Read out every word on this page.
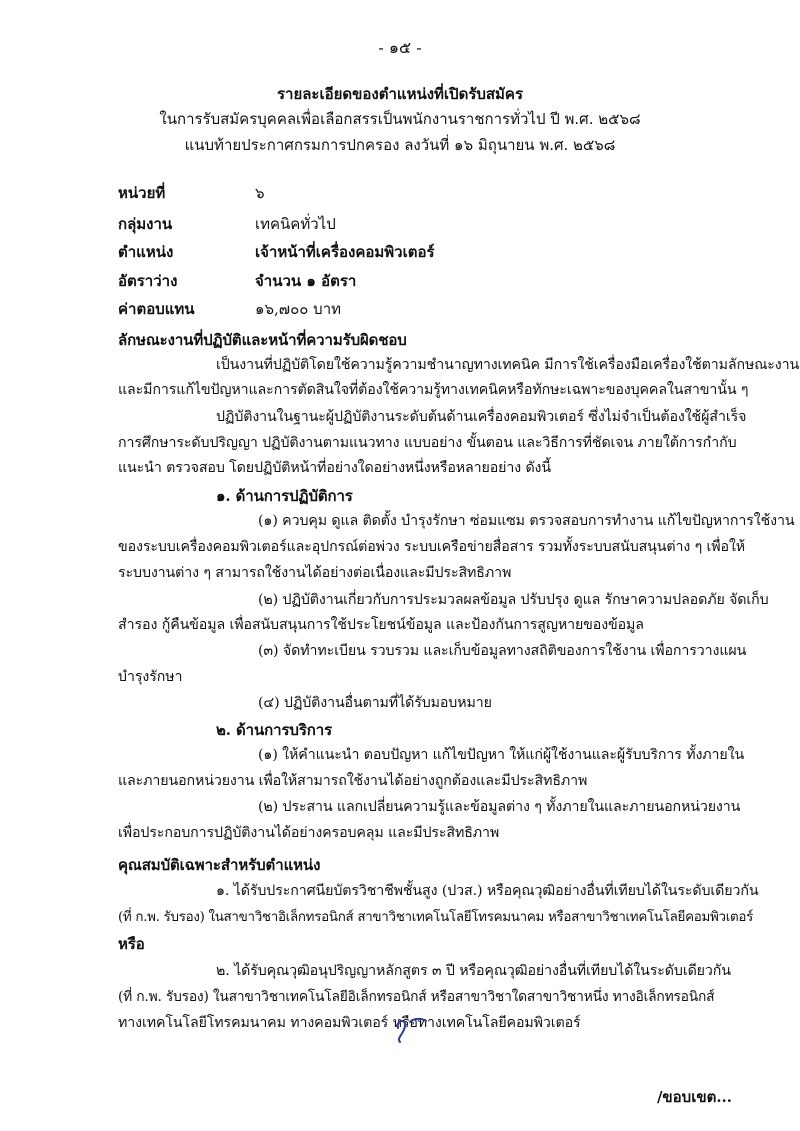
- ๑๕ -
รายละเอียดของตำแหน่งที่เปิดรับสมัคร
ในการรับสมัครบุคคลเพื่อเลือกสรรเป็นพนักงานราชการทั่วไป ปี พ.ศ. ๒๕๖๘
แนบท้ายประกาศกรมการปกครอง ลงวันที่ ๑๖ มิถุนายน พ.ศ. ๒๕๖๘
หน่วยที่	๖
กลุ่มงาน	เทคนิคทั่วไป
ตำแหน่ง	เจ้าหน้าที่เครื่องคอมพิวเตอร์
อัตราว่าง	จำนวน ๑ อัตรา
ค่าตอบแทน	๑๖,๗๐๐ บาท
ลักษณะงานที่ปฏิบัติและหน้าที่ความรับผิดชอบ
เป็นงานที่ปฏิบัติโดยใช้ความรู้ความชำนาญทางเทคนิค มีการใช้เครื่องมือเครื่องใช้ตามลักษณะงาน
และมีการแก้ไขปัญหาและการตัดสินใจที่ต้องใช้ความรู้ทางเทคนิคหรือทักษะเฉพาะของบุคคลในสาขานั้น ๆ
ปฏิบัติงานในฐานะผู้ปฏิบัติงานระดับต้นด้านเครื่องคอมพิวเตอร์ ซึ่งไม่จำเป็นต้องใช้ผู้สำเร็จ
การศึกษาระดับปริญญา ปฏิบัติงานตามแนวทาง แบบอย่าง ขั้นตอน และวิธีการที่ชัดเจน ภายใต้การกำกับ
แนะนำ ตรวจสอบ โดยปฏิบัติหน้าที่อย่างใดอย่างหนึ่งหรือหลายอย่าง ดังนี้
๑. ด้านการปฏิบัติการ
(๑) ควบคุม ดูแล ติดตั้ง บำรุงรักษา ซ่อมแซม ตรวจสอบการทำงาน แก้ไขปัญหาการใช้งาน
ของระบบเครื่องคอมพิวเตอร์และอุปกรณ์ต่อพ่วง ระบบเครือข่ายสื่อสาร รวมทั้งระบบสนับสนุนต่าง ๆ เพื่อให้
ระบบงานต่าง ๆ สามารถใช้งานได้อย่างต่อเนื่องและมีประสิทธิภาพ
(๒) ปฏิบัติงานเกี่ยวกับการประมวลผลข้อมูล ปรับปรุง ดูแล รักษาความปลอดภัย จัดเก็บ
สำรอง กู้คืนข้อมูล เพื่อสนับสนุนการใช้ประโยชน์ข้อมูล และป้องกันการสูญหายของข้อมูล
(๓) จัดทำทะเบียน รวบรวม และเก็บข้อมูลทางสถิติของการใช้งาน เพื่อการวางแผน
บำรุงรักษา
(๔) ปฏิบัติงานอื่นตามที่ได้รับมอบหมาย
๒. ด้านการบริการ
(๑) ให้คำแนะนำ ตอบปัญหา แก้ไขปัญหา ให้แก่ผู้ใช้งานและผู้รับบริการ ทั้งภายใน
และภายนอกหน่วยงาน เพื่อให้สามารถใช้งานได้อย่างถูกต้องและมีประสิทธิภาพ
(๒) ประสาน แลกเปลี่ยนความรู้และข้อมูลต่าง ๆ ทั้งภายในและภายนอกหน่วยงาน
เพื่อประกอบการปฏิบัติงานได้อย่างครอบคลุม และมีประสิทธิภาพ
คุณสมบัติเฉพาะสำหรับตำแหน่ง
๑. ได้รับประกาศนียบัตรวิชาชีพชั้นสูง (ปวส.) หรือคุณวุฒิอย่างอื่นที่เทียบได้ในระดับเดียวกัน
(ที่ ก.พ. รับรอง) ในสาขาวิชาอิเล็กทรอนิกส์ สาขาวิชาเทคโนโลยีโทรคมนาคม หรือสาขาวิชาเทคโนโลยีคอมพิวเตอร์
หรือ
๒. ได้รับคุณวุฒิอนุปริญญาหลักสูตร ๓ ปี หรือคุณวุฒิอย่างอื่นที่เทียบได้ในระดับเดียวกัน
(ที่ ก.พ. รับรอง) ในสาขาวิชาเทคโนโลยีอิเล็กทรอนิกส์ หรือสาขาวิชาใดสาขาวิชาหนึ่ง ทางอิเล็กทรอนิกส์
ทางเทคโนโลยีโทรคมนาคม ทางคอมพิวเตอร์ หรือทางเทคโนโลยีคอมพิวเตอร์
/ขอบเขต...
